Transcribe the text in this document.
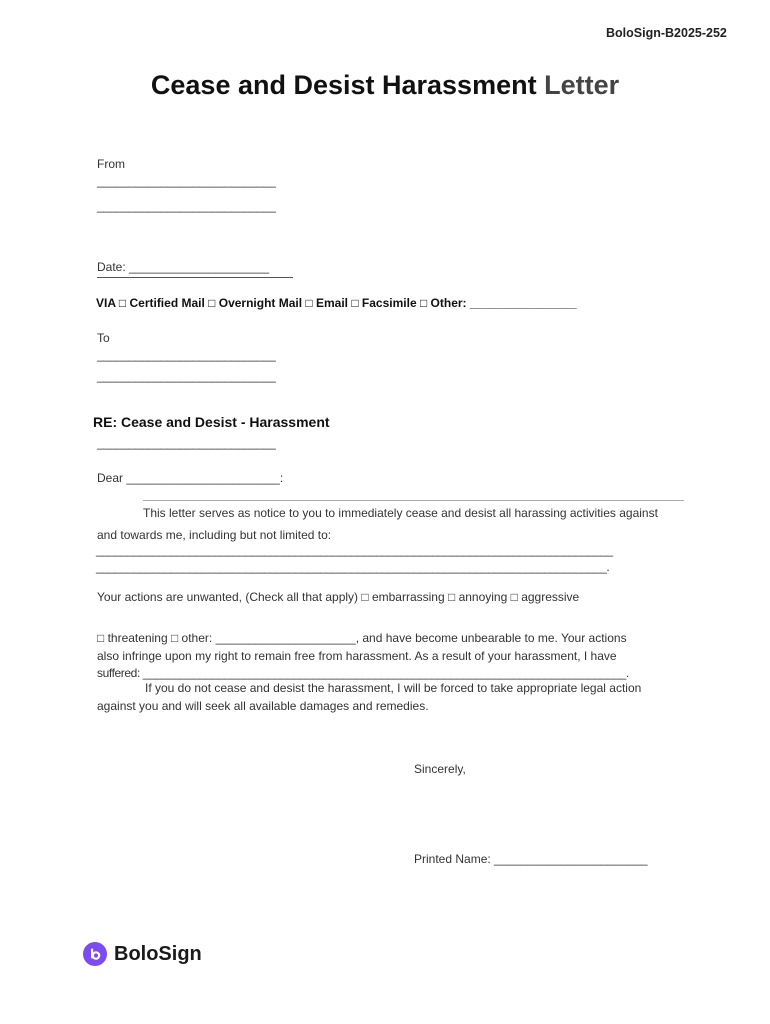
BoloSign-B2025-252
Cease and Desist Harassment Letter
From
____________________________
____________________________
Date: _____________________
VIA □ Certified Mail □ Overnight Mail □ Email □ Facsimile □ Other: ________________
To
____________________________
____________________________
RE: Cease and Desist - Harassment
____________________________
Dear _______________________:
This letter serves as notice to you to immediately cease and desist all harassing activities against
and towards me, including but not limited to:
___________________________________________________________________________________
__________________________________________________________________________________.
Your actions are unwanted, (Check all that apply) □ embarrassing □ annoying □ aggressive
□ threatening □ other: _____________________, and have become unbearable to me. Your actions
also infringe upon my right to remain free from harassment. As a result of your harassment, I have
suffered: _____________________________________________________________________________.
If you do not cease and desist the harassment, I will be forced to take appropriate legal action
against you and will seek all available damages and remedies.
Sincerely,
Printed Name: _______________________
BoloSign
